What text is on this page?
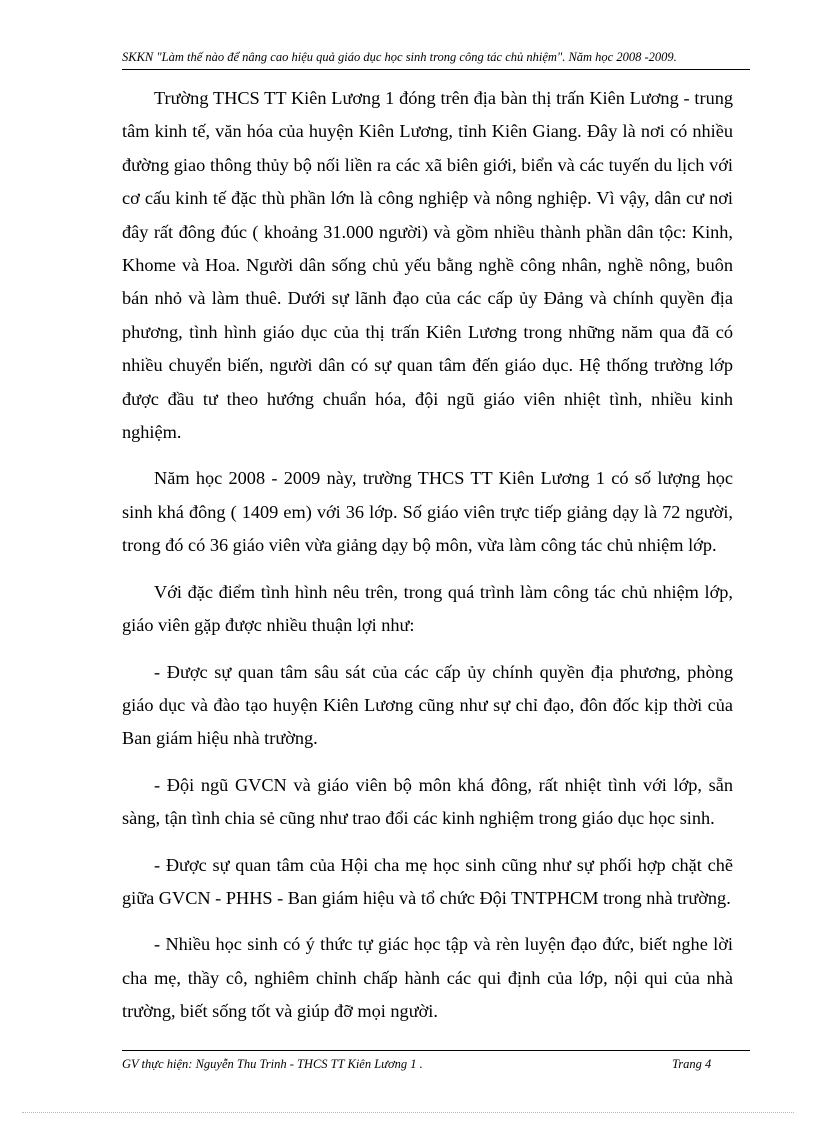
SKKN "Làm thế nào để nâng cao hiệu quả giáo dục học sinh trong công tác chủ nhiệm". Năm học 2008 -2009.

Trường THCS TT Kiên Lương 1 đóng trên địa bàn thị trấn Kiên Lương - trung tâm kinh tế, văn hóa của huyện Kiên Lương, tỉnh Kiên Giang. Đây là nơi có nhiều đường giao thông thủy bộ nối liền ra các xã biên giới, biển và các tuyến du lịch với cơ cấu kinh tế đặc thù phần lớn là công nghiệp và nông nghiệp. Vì vậy, dân cư nơi đây rất đông đúc ( khoảng 31.000 người) và gồm nhiều thành phần dân tộc: Kinh, Khome và Hoa. Người dân sống chủ yếu bằng nghề công nhân, nghề nông, buôn bán nhỏ và làm thuê. Dưới sự lãnh đạo của các cấp ủy Đảng và chính quyền địa phương, tình hình giáo dục của thị trấn Kiên Lương trong những năm qua đã có nhiều chuyển biến, người dân có sự quan tâm đến giáo dục. Hệ thống trường lớp được đầu tư theo hướng chuẩn hóa, đội ngũ giáo viên nhiệt tình, nhiều kinh nghiệm.

Năm học 2008 - 2009 này, trường THCS TT Kiên Lương 1 có số lượng học sinh khá đông ( 1409 em) với 36 lớp. Số giáo viên trực tiếp giảng dạy là 72 người, trong đó có 36 giáo viên vừa giảng dạy bộ môn, vừa làm công tác chủ nhiệm lớp.

Với đặc điểm tình hình nêu trên, trong quá trình làm công tác chủ nhiệm lớp, giáo viên gặp được nhiều thuận lợi như:

- Được sự quan tâm sâu sát của các cấp ủy chính quyền địa phương, phòng giáo dục và đào tạo huyện Kiên Lương cũng như sự chỉ đạo, đôn đốc kịp thời của Ban giám hiệu nhà trường.

- Đội ngũ GVCN và giáo viên bộ môn khá đông, rất nhiệt tình với lớp, sẵn sàng, tận tình chia sẻ cũng như trao đổi các kinh nghiệm trong giáo dục học sinh.

- Được sự quan tâm của Hội cha mẹ học sinh cũng như sự phối hợp chặt chẽ giữa GVCN - PHHS - Ban giám hiệu và tổ chức Đội TNTPHCM trong nhà trường.

- Nhiều học sinh có ý thức tự giác học tập và rèn luyện đạo đức, biết nghe lời cha mẹ, thầy cô, nghiêm chỉnh chấp hành các qui định của lớp, nội qui của nhà trường, biết sống tốt và giúp đỡ mọi người.

GV thực hiện: Nguyễn Thu Trinh - THCS TT Kiên Lương 1 .	Trang 4
